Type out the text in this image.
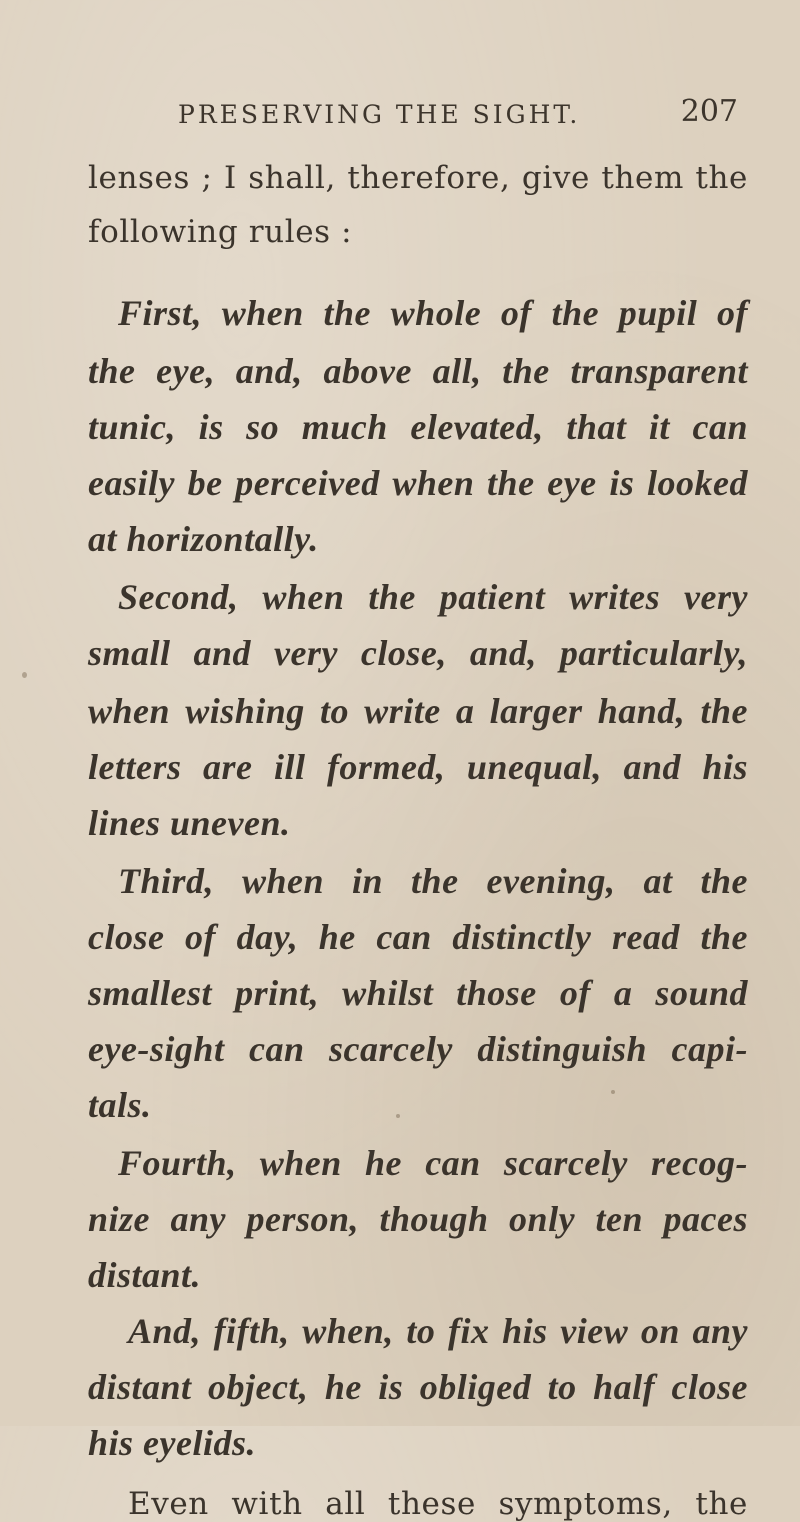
PRESERVING THE SIGHT.	207
lenses ; I shall, therefore, give them the
following rules :
First, when the whole of the pupil of
the eye, and, above all, the transparent
tunic, is so much elevated, that it can
easily be perceived when the eye is looked
at horizontally.
Second, when the patient writes very
small and very close, and, particularly,
when wishing to write a larger hand, the
letters are ill formed, unequal, and his
lines uneven.
Third, when in the evening, at the
close of day, he can distinctly read the
smallest print, whilst those of a sound
eye-sight can scarcely distinguish capi-
tals.
Fourth, when he can scarcely recog-
nize any person, though only ten paces
distant.
And, fifth, when, to fix his view on any
distant object, he is obliged to half close
his eyelids.
Even with all these symptoms, the
